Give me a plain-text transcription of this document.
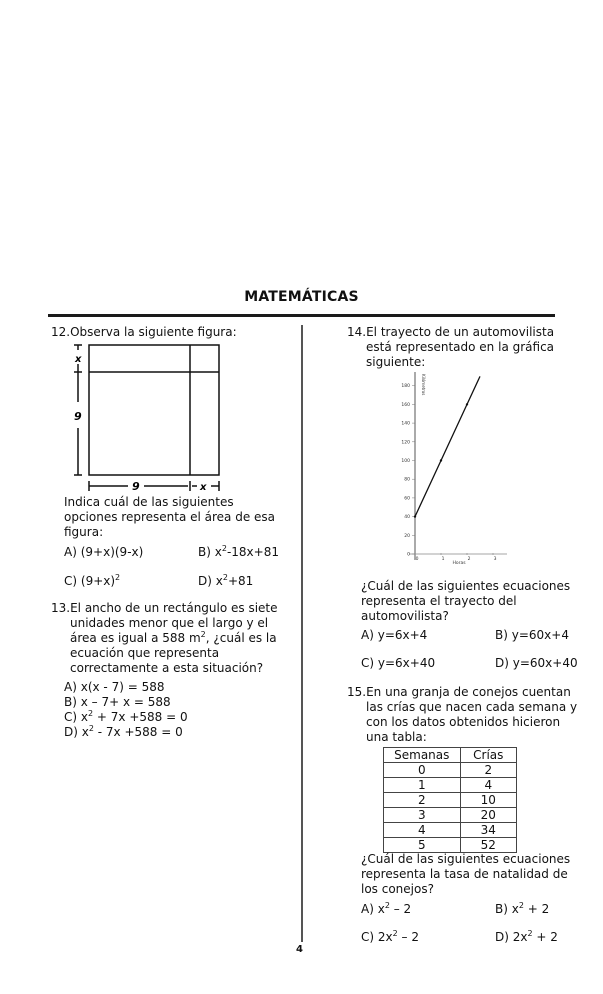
MATEMÁTICAS
4
12.Observa la siguiente figura:
x
9
9	x
Indica cuál de las siguientes
opciones representa el área de esa
figura:
A) (9+x)(9-x)	B) $x^2-18x+81$
C) $(9+x)^2$	D) $x^2+81$
13.El ancho de un rectángulo es siete
unidades menor que el largo y el
área es igual a 588 $m^2$, ¿cuál es la
ecuación que representa
correctamente a esta situación?
A) x(x - 7) = 588
B) x – 7+ x = 588
C) $x^2 + 7x +588 = 0$
D) $x^2 - 7x +588 = 0$
14.El trayecto de un automovilista
está representado en la gráfica
siguiente:
0
20
40
60
80
100
120
140
160
180
0	1	2	3
Kilómetros
Horas
¿Cuál de las siguientes ecuaciones
representa el trayecto del
automovilista?
A) y=6x+4	B) y=60x+4
C) y=6x+40	D) y=60x+40
15.En una granja de conejos cuentan
las crías que nacen cada semana y
con los datos obtenidos hicieron
una tabla:
Semanas	Crías
0	2
1	4
2	10
3	20
4	34
5	52
¿Cuál de las siguientes ecuaciones
representa la tasa de natalidad de
los conejos?
A) $x^2 - 2$	B) $x^2 + 2$
C) $2x^2 - 2$	D) $2x^2 + 2$
